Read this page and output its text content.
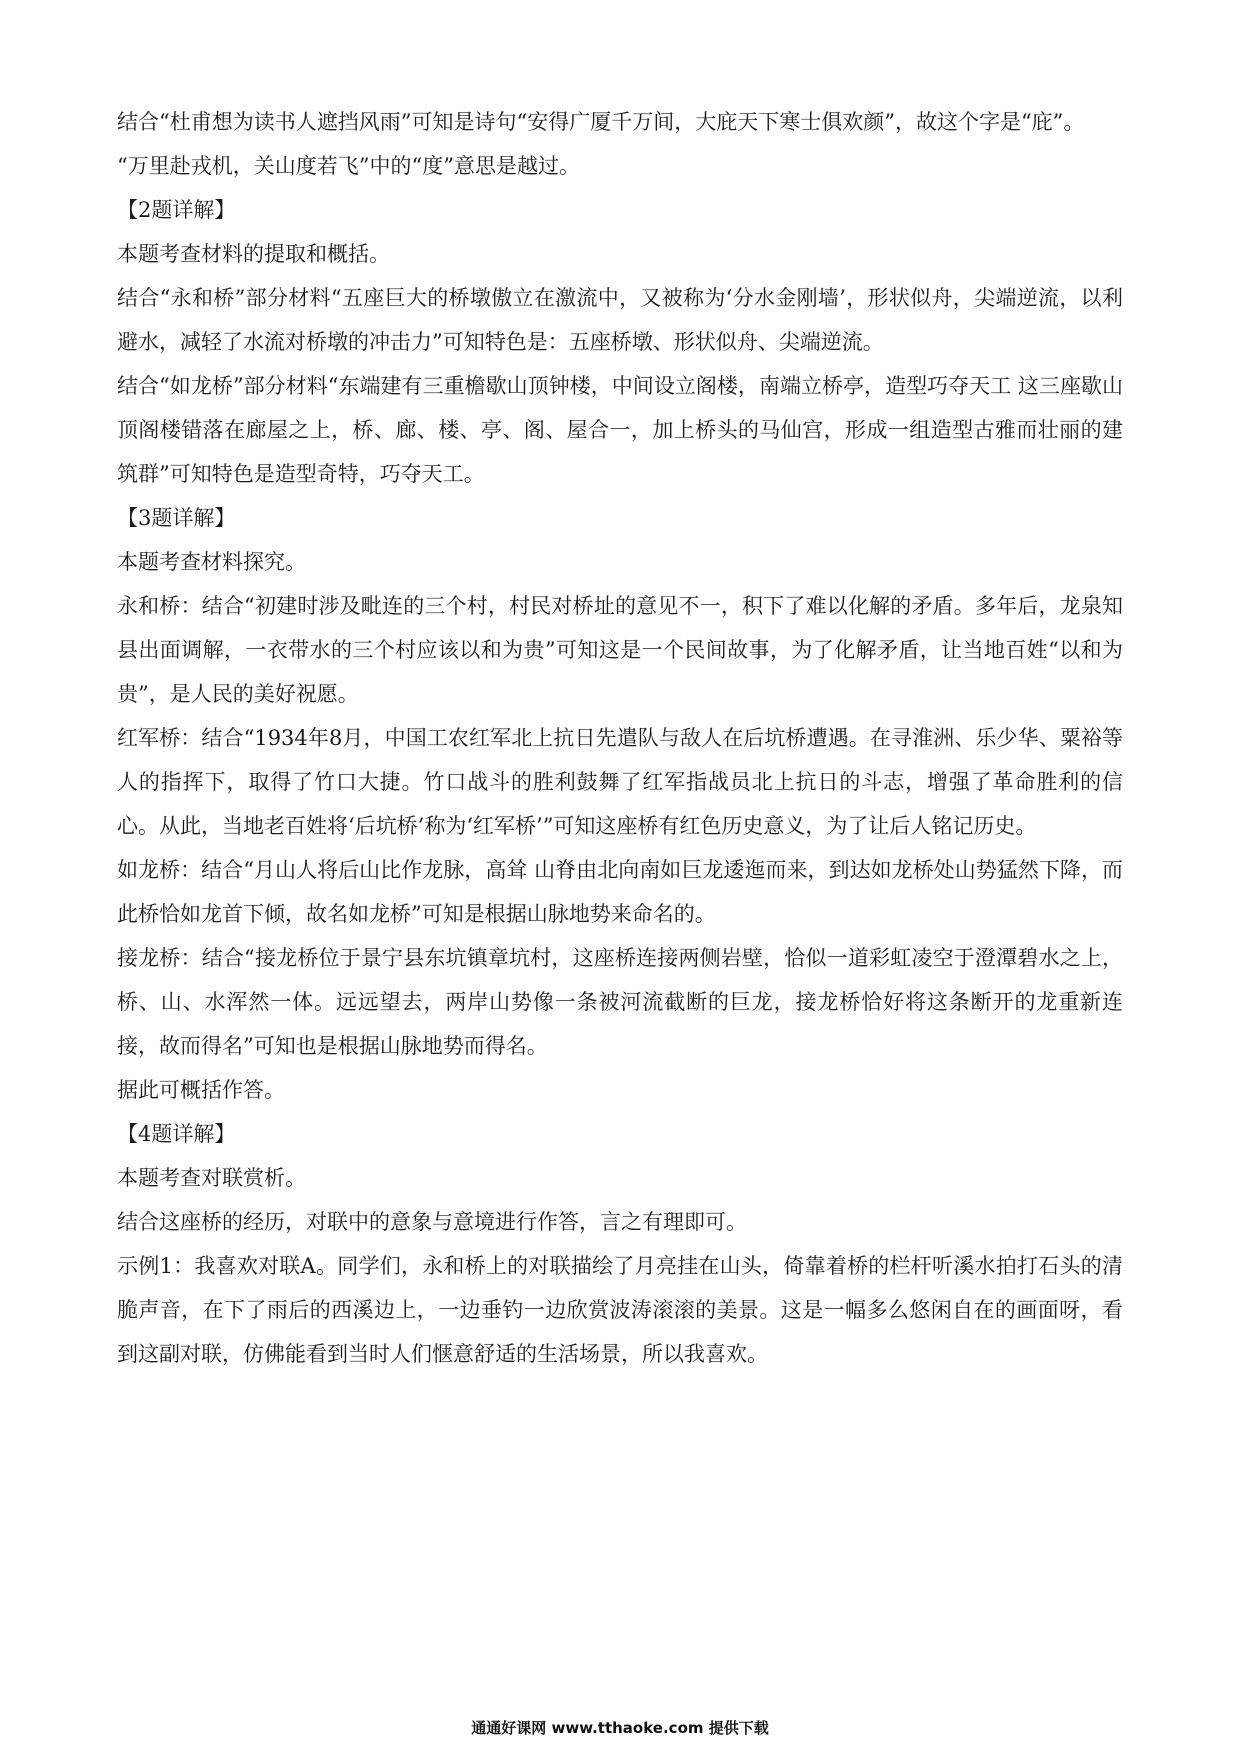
结合“杜甫想为读书人遮挡风雨”可知是诗句“安得广厦千万间，大庇天下寒士俱欢颜”，故这个字是“庇”。

“万里赴戎机，关山度若飞”中的“度”意思是越过。

【2题详解】

本题考查材料的提取和概括。

结合“永和桥”部分材料“五座巨大的桥墩傲立在激流中，又被称为‘分水金刚墙’，形状似舟，尖端逆流，以利避水，减轻了水流对桥墩的冲击力”可知特色是：五座桥墩、形状似舟、尖端逆流。

结合“如龙桥”部分材料“东端建有三重檐歇山顶钟楼，中间设立阁楼，南端立桥亭，造型巧夺天工 这三座歇山顶阁楼错落在廊屋之上，桥、廊、楼、亭、阁、屋合一，加上桥头的马仙宫，形成一组造型古雅而壮丽的建筑群”可知特色是造型奇特，巧夺天工。

【3题详解】

本题考查材料探究。

永和桥：结合“初建时涉及毗连的三个村，村民对桥址的意见不一，积下了难以化解的矛盾。多年后，龙泉知县出面调解，一衣带水的三个村应该以和为贵”可知这是一个民间故事，为了化解矛盾，让当地百姓“以和为贵”，是人民的美好祝愿。

红军桥：结合“1934年8月，中国工农红军北上抗日先遣队与敌人在后坑桥遭遇。在寻淮洲、乐少华、粟裕等人的指挥下，取得了竹口大捷。竹口战斗的胜利鼓舞了红军指战员北上抗日的斗志，增强了革命胜利的信心。从此，当地老百姓将‘后坑桥’称为‘红军桥’”可知这座桥有红色历史意义，为了让后人铭记历史。

如龙桥：结合“月山人将后山比作龙脉，高耸 山脊由北向南如巨龙逶迤而来，到达如龙桥处山势猛然下降，而此桥恰如龙首下倾，故名如龙桥”可知是根据山脉地势来命名的。

接龙桥：结合“接龙桥位于景宁县东坑镇章坑村，这座桥连接两侧岩壁，恰似一道彩虹凌空于澄潭碧水之上，桥、山、水浑然一体。远远望去，两岸山势像一条被河流截断的巨龙，接龙桥恰好将这条断开的龙重新连接，故而得名”可知也是根据山脉地势而得名。

据此可概括作答。

【4题详解】

本题考查对联赏析。

结合这座桥的经历，对联中的意象与意境进行作答，言之有理即可。

示例1：我喜欢对联A。同学们，永和桥上的对联描绘了月亮挂在山头，倚靠着桥的栏杆听溪水拍打石头的清脆声音，在下了雨后的西溪边上，一边垂钓一边欣赏波涛滚滚的美景。这是一幅多么悠闲自在的画面呀，看到这副对联，仿佛能看到当时人们惬意舒适的生活场景，所以我喜欢。

通通好课网 www.tthaoke.com 提供下载
